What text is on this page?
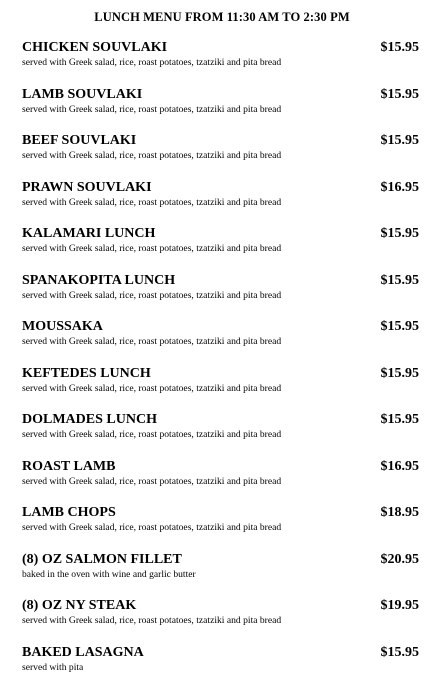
LUNCH MENU FROM 11:30 AM TO 2:30 PM
CHICKEN SOUVLAKI	$15.95
served with Greek salad, rice, roast potatoes, tzatziki and pita bread
LAMB SOUVLAKI	$15.95
served with Greek salad, rice, roast potatoes, tzatziki and pita bread
BEEF SOUVLAKI	$15.95
served with Greek salad, rice, roast potatoes, tzatziki and pita bread
PRAWN SOUVLAKI	$16.95
served with Greek salad, rice, roast potatoes, tzatziki and pita bread
KALAMARI LUNCH	$15.95
served with Greek salad, rice, roast potatoes, tzatziki and pita bread
SPANAKOPITA LUNCH	$15.95
served with Greek salad, rice, roast potatoes, tzatziki and pita bread
MOUSSAKA	$15.95
served with Greek salad, rice, roast potatoes, tzatziki and pita bread
KEFTEDES LUNCH	$15.95
served with Greek salad, rice, roast potatoes, tzatziki and pita bread
DOLMADES LUNCH	$15.95
served with Greek salad, rice, roast potatoes, tzatziki and pita bread
ROAST LAMB	$16.95
served with Greek salad, rice, roast potatoes, tzatziki and pita bread
LAMB CHOPS	$18.95
served with Greek salad, rice, roast potatoes, tzatziki and pita bread
(8) OZ SALMON FILLET	$20.95
baked in the oven with wine and garlic butter
(8) OZ NY STEAK	$19.95
served with Greek salad, rice, roast potatoes, tzatziki and pita bread
BAKED LASAGNA	$15.95
served with pita
